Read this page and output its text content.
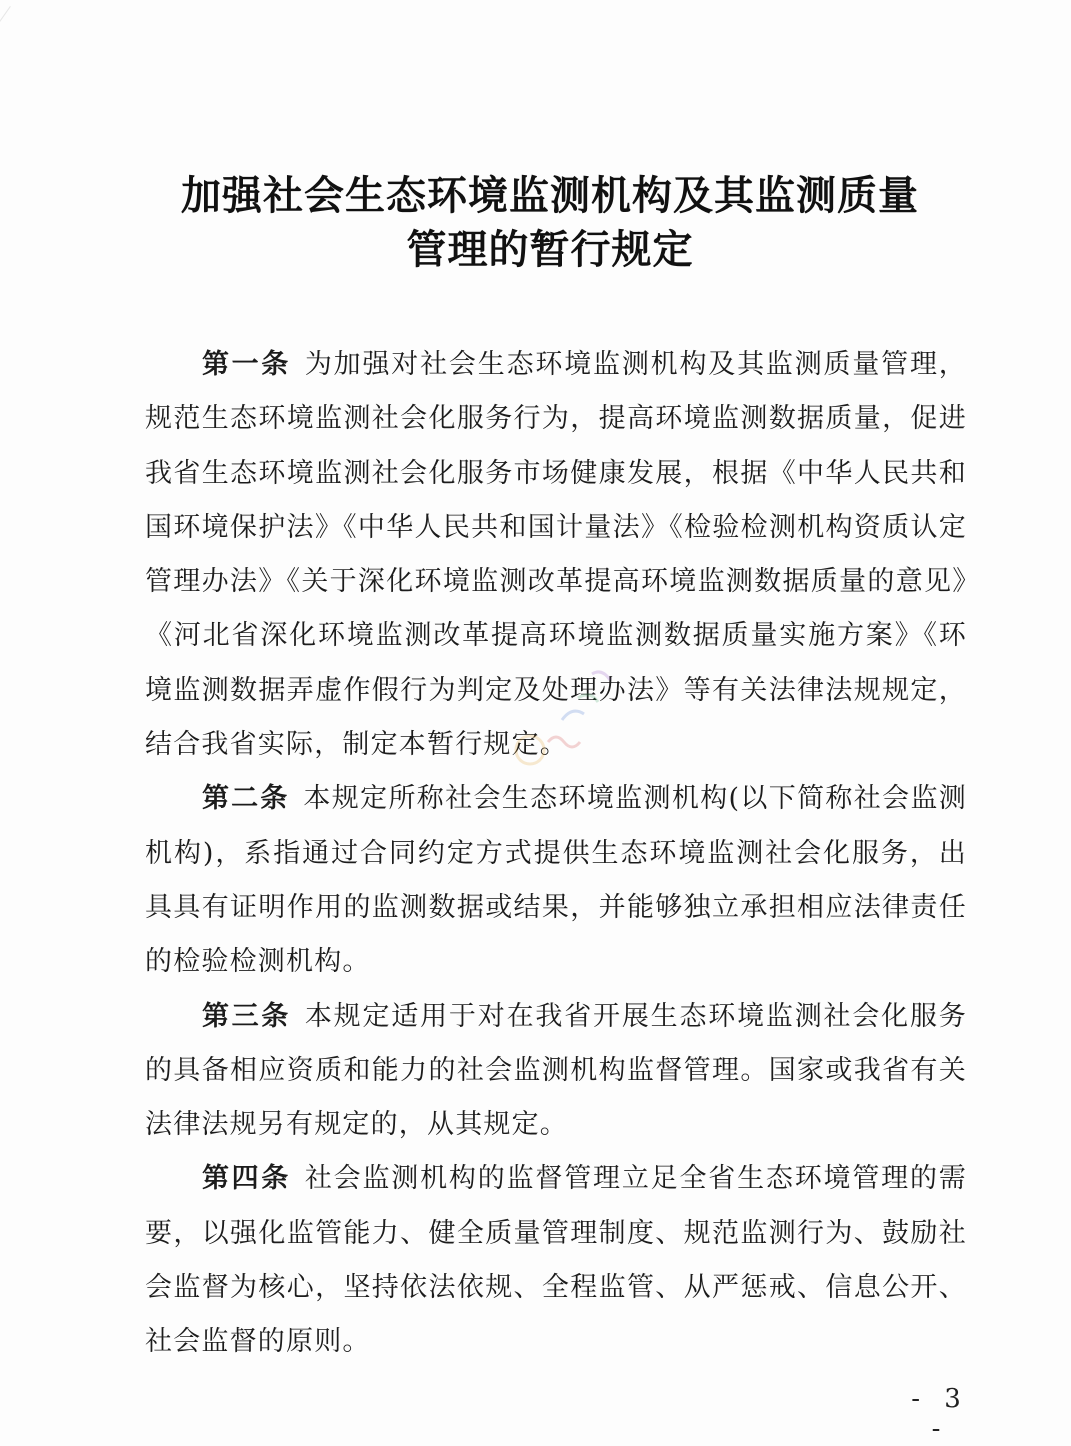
加强社会生态环境监测机构及其监测质量
管理的暂行规定

第一条 为加强对社会生态环境监测机构及其监测质量管理，规范生态环境监测社会化服务行为，提高环境监测数据质量，促进我省生态环境监测社会化服务市场健康发展，根据《中华人民共和国环境保护法》《中华人民共和国计量法》《检验检测机构资质认定管理办法》《关于深化环境监测改革提高环境监测数据质量的意见》《河北省深化环境监测改革提高环境监测数据质量实施方案》《环境监测数据弄虚作假行为判定及处理办法》等有关法律法规规定，结合我省实际，制定本暂行规定。

第二条 本规定所称社会生态环境监测机构(以下简称社会监测机构)，系指通过合同约定方式提供生态环境监测社会化服务，出具具有证明作用的监测数据或结果，并能够独立承担相应法律责任的检验检测机构。

第三条 本规定适用于对在我省开展生态环境监测社会化服务的具备相应资质和能力的社会监测机构监督管理。国家或我省有关法律法规另有规定的，从其规定。

第四条 社会监测机构的监督管理立足全省生态环境管理的需要，以强化监管能力、健全质量管理制度、规范监测行为、鼓励社会监督为核心，坚持依法依规、全程监管、从严惩戒、信息公开、社会监督的原则。

- 3 -
